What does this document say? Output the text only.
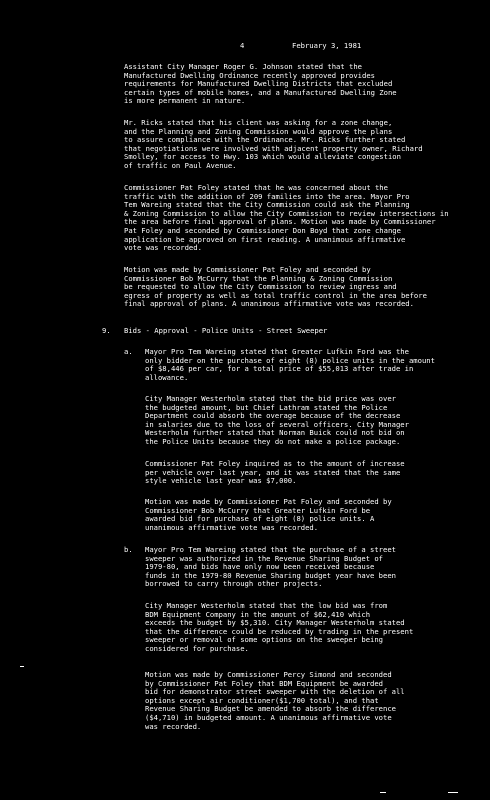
4	February 3, 1981

Assistant City Manager Roger G. Johnson stated that the
Manufactured Dwelling Ordinance recently approved provides
requirements for Manufactured Dwelling Districts that excluded
certain types of mobile homes, and a Manufactured Dwelling Zone
is more permanent in nature.

Mr. Ricks stated that his client was asking for a zone change,
and the Planning and Zoning Commission would approve the plans
to assure compliance with the Ordinance. Mr. Ricks further stated
that negotiations were involved with adjacent property owner, Richard
Smolley, for access to Hwy. 103 which would alleviate congestion
of traffic on Paul Avenue.

Commissioner Pat Foley stated that he was concerned about the
traffic with the addition of 209 families into the area. Mayor Pro
Tem Wareing stated that the City Commission could ask the Planning
& Zoning Commission to allow the City Commission to review intersections in
the area before final approval of plans. Motion was made by Commissioner
Pat Foley and seconded by Commissioner Don Boyd that zone change
application be approved on first reading. A unanimous affirmative
vote was recorded.

Motion was made by Commissioner Pat Foley and seconded by
Commissioner Bob McCurry that the Planning & Zoning Commission
be requested to allow the City Commission to review ingress and
egress of property as well as total traffic control in the area before
final approval of plans. A unanimous affirmative vote was recorded.

9. Bids - Approval - Police Units - Street Sweeper
a. Mayor Pro Tem Wareing stated that Greater Lufkin Ford was the
only bidder on the purchase of eight (8) police units in the amount
of $8,446 per car, for a total price of $55,013 after trade in
allowance.

City Manager Westerholm stated that the bid price was over
the budgeted amount, but Chief Lathram stated the Police
Department could absorb the overage because of the decrease
in salaries due to the loss of several officers. City Manager
Westerholm further stated that Norman Buick could not bid on
the Police Units because they do not make a police package.

Commissioner Pat Foley inquired as to the amount of increase
per vehicle over last year, and it was stated that the same
style vehicle last year was $7,000.

Motion was made by Commissioner Pat Foley and seconded by
Commissioner Bob McCurry that Greater Lufkin Ford be
awarded bid for purchase of eight (8) police units. A
unanimous affirmative vote was recorded.

b. Mayor Pro Tem Wareing stated that the purchase of a street
sweeper was authorized in the Revenue Sharing Budget of
1979-80, and bids have only now been received because
funds in the 1979-80 Revenue Sharing budget year have been
borrowed to carry through other projects.

City Manager Westerholm stated that the low bid was from
BDM Equipment Company in the amount of $62,410 which
exceeds the budget by $5,310. City Manager Westerholm stated
that the difference could be reduced by trading in the present
sweeper or removal of some options on the sweeper being
considered for purchase.

Motion was made by Commissioner Percy Simond and seconded
by Commissioner Pat Foley that BDM Equipment be awarded
bid for demonstrator street sweeper with the deletion of all
options except air conditioner($1,700 total), and that
Revenue Sharing Budget be amended to absorb the difference
($4,710) in budgeted amount. A unanimous affirmative vote
was recorded.
